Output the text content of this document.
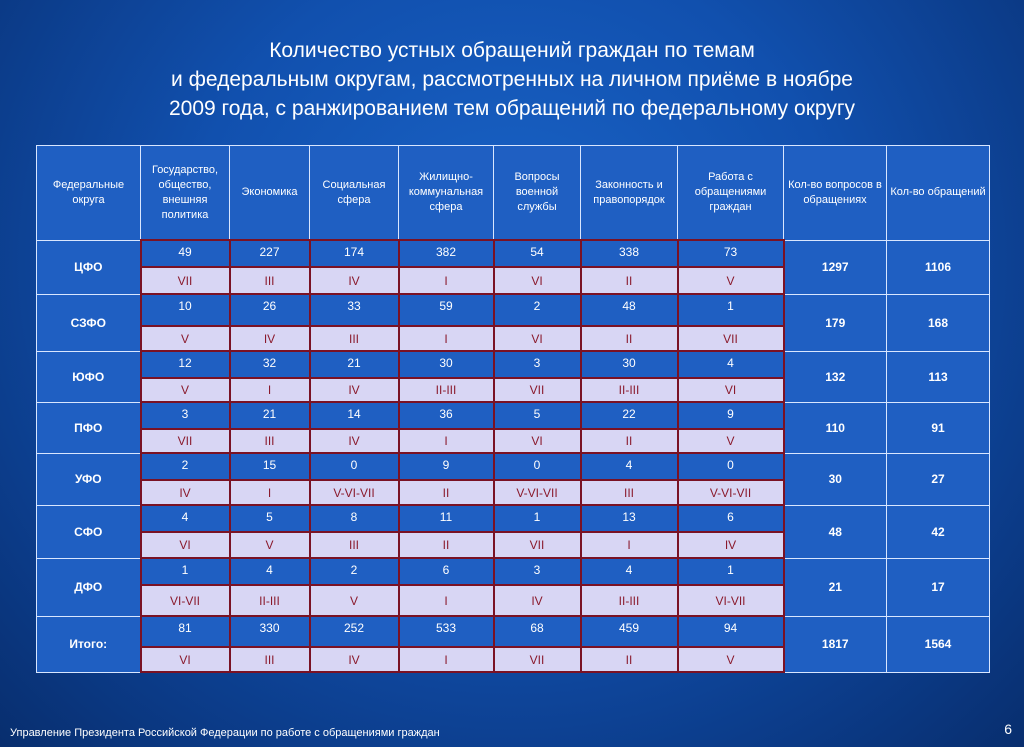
Количество устных обращений граждан по темам
и федеральным округам, рассмотренных на личном приёме в ноябре
2009 года, с ранжированием тем обращений по федеральному округу
Федеральные округа	Государство, общество, внешняя политика	Экономика	Социальная сфера	Жилищно-коммунальная сфера	Вопросы военной службы	Законность и правопорядок	Работа с обращениями граждан	Кол-во вопросов в обращениях	Кол-во обращений
ЦФО	49	227	174	382	54	338	73	1297	1106
	VII	III	IV	I	VI	II	V		
СЗФО	10	26	33	59	2	48	1	179	168
	V	IV	III	I	VI	II	VII		
ЮФО	12	32	21	30	3	30	4	132	113
	V	I	IV	II-III	VII	II-III	VI		
ПФО	3	21	14	36	5	22	9	110	91
	VII	III	IV	I	VI	II	V		
УФО	2	15	0	9	0	4	0	30	27
	IV	I	V-VI-VII	II	V-VI-VII	III	V-VI-VII		
СФО	4	5	8	11	1	13	6	48	42
	VI	V	III	II	VII	I	IV		
ДФО	1	4	2	6	3	4	1	21	17
	VI-VII	II-III	V	I	IV	II-III	VI-VII		
Итого:	81	330	252	533	68	459	94	1817	1564
	VI	III	IV	I	VII	II	V		
Управление Президента Российской Федерации по работе с обращениями граждан	6
